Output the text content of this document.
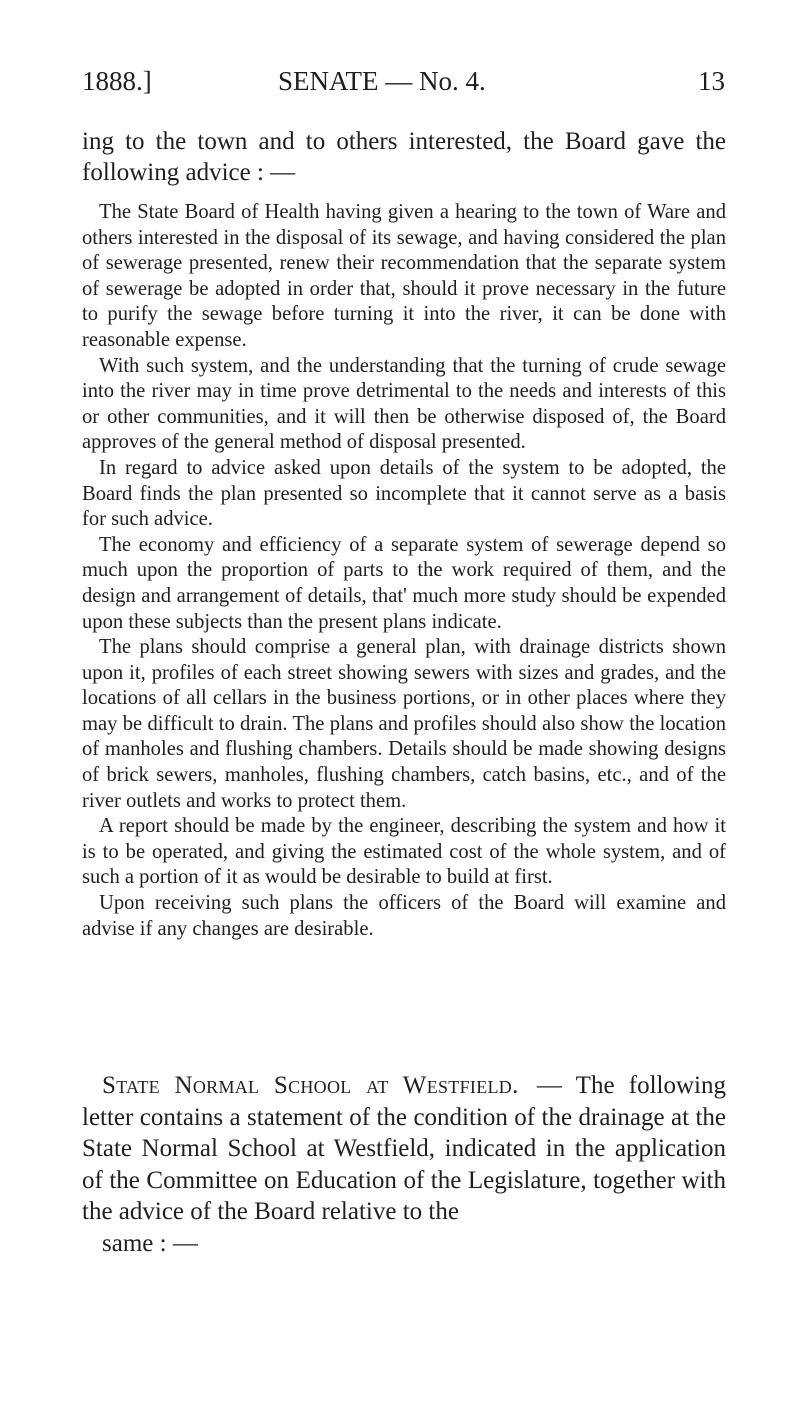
1888.]	SENATE — No. 4.	13
ing to the town and to others interested, the Board gave the following advice : —

The State Board of Health having given a hearing to the town of Ware and others interested in the disposal of its sewage, and having considered the plan of sewerage presented, renew their recommendation that the separate system of sewerage be adopted in order that, should it prove necessary in the future to purify the sewage before turning it into the river, it can be done with reasonable expense.

With such system, and the understanding that the turning of crude sewage into the river may in time prove detrimental to the needs and interests of this or other communities, and it will then be otherwise disposed of, the Board approves of the general method of disposal presented.

In regard to advice asked upon details of the system to be adopted, the Board finds the plan presented so incomplete that it cannot serve as a basis for such advice.

The economy and efficiency of a separate system of sewerage depend so much upon the proportion of parts to the work required of them, and the design and arrangement of details, that' much more study should be expended upon these subjects than the present plans indicate.

The plans should comprise a general plan, with drainage districts shown upon it, profiles of each street showing sewers with sizes and grades, and the locations of all cellars in the business portions, or in other places where they may be difficult to drain. The plans and profiles should also show the location of manholes and flushing chambers. Details should be made showing designs of brick sewers, manholes, flushing chambers, catch basins, etc., and of the river outlets and works to protect them.

A report should be made by the engineer, describing the system and how it is to be operated, and giving the estimated cost of the whole system, and of such a portion of it as would be desirable to build at first.

Upon receiving such plans the officers of the Board will examine and advise if any changes are desirable.

State Normal School at Westfield. — The following letter contains a statement of the condition of the drainage at the State Normal School at Westfield, indicated in the application of the Committee on Education of the Legislature, together with the advice of the Board relative to the
same : —
